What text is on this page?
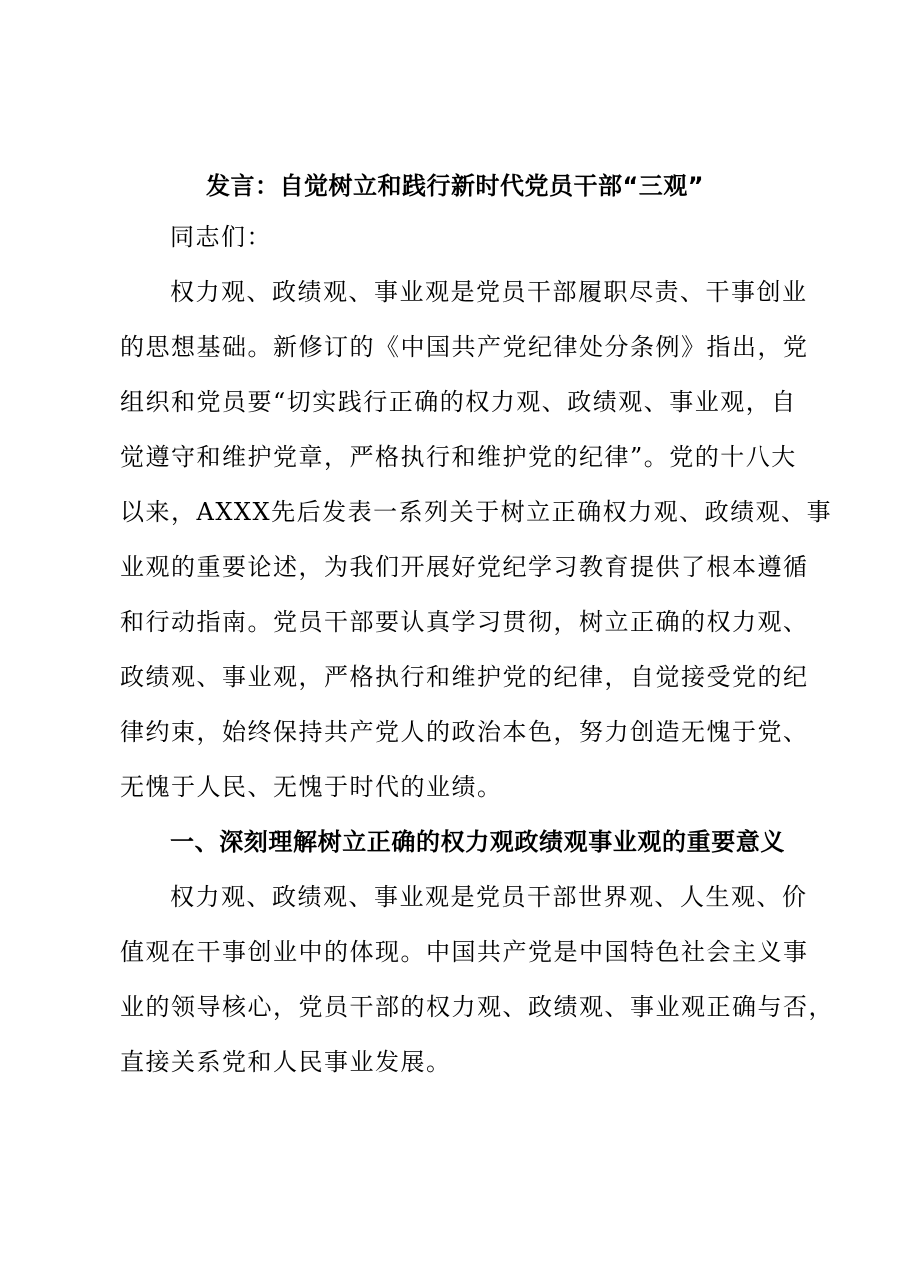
发言：自觉树立和践行新时代党员干部“三观”
同志们：
权力观、政绩观、事业观是党员干部履职尽责、干事创业
的思想基础。新修订的《中国共产党纪律处分条例》指出，党
组织和党员要“切实践行正确的权力观、政绩观、事业观，自
觉遵守和维护党章，严格执行和维护党的纪律”。党的十八大
以来，AXXX先后发表一系列关于树立正确权力观、政绩观、事
业观的重要论述，为我们开展好党纪学习教育提供了根本遵循
和行动指南。党员干部要认真学习贯彻，树立正确的权力观、
政绩观、事业观，严格执行和维护党的纪律，自觉接受党的纪
律约束，始终保持共产党人的政治本色，努力创造无愧于党、
无愧于人民、无愧于时代的业绩。
一、深刻理解树立正确的权力观政绩观事业观的重要意义
权力观、政绩观、事业观是党员干部世界观、人生观、价
值观在干事创业中的体现。中国共产党是中国特色社会主义事
业的领导核心，党员干部的权力观、政绩观、事业观正确与否，
直接关系党和人民事业发展。
